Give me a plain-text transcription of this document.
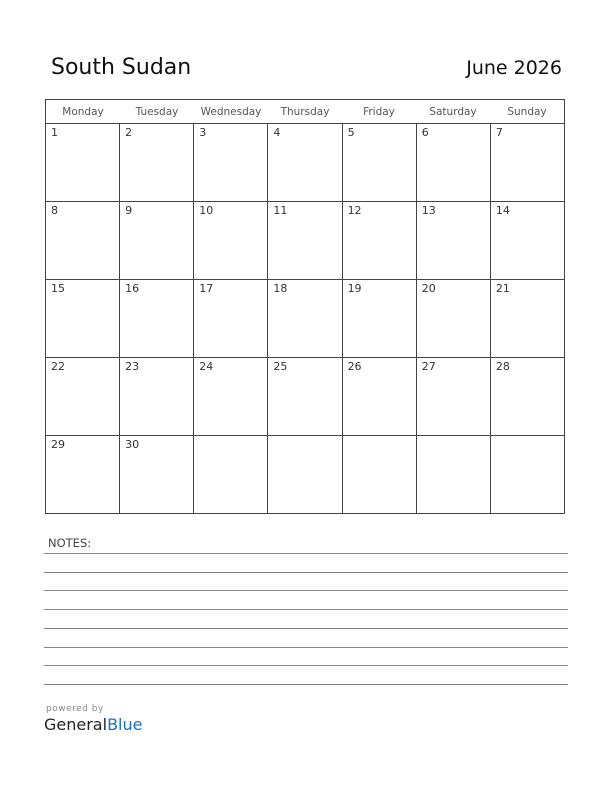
South Sudan	June 2026
Monday	Tuesday	Wednesday	Thursday	Friday	Saturday	Sunday
1	2	3	4	5	6	7
8	9	10	11	12	13	14
15	16	17	18	19	20	21
22	23	24	25	26	27	28
29	30
NOTES:
powered by
GeneralBlue
